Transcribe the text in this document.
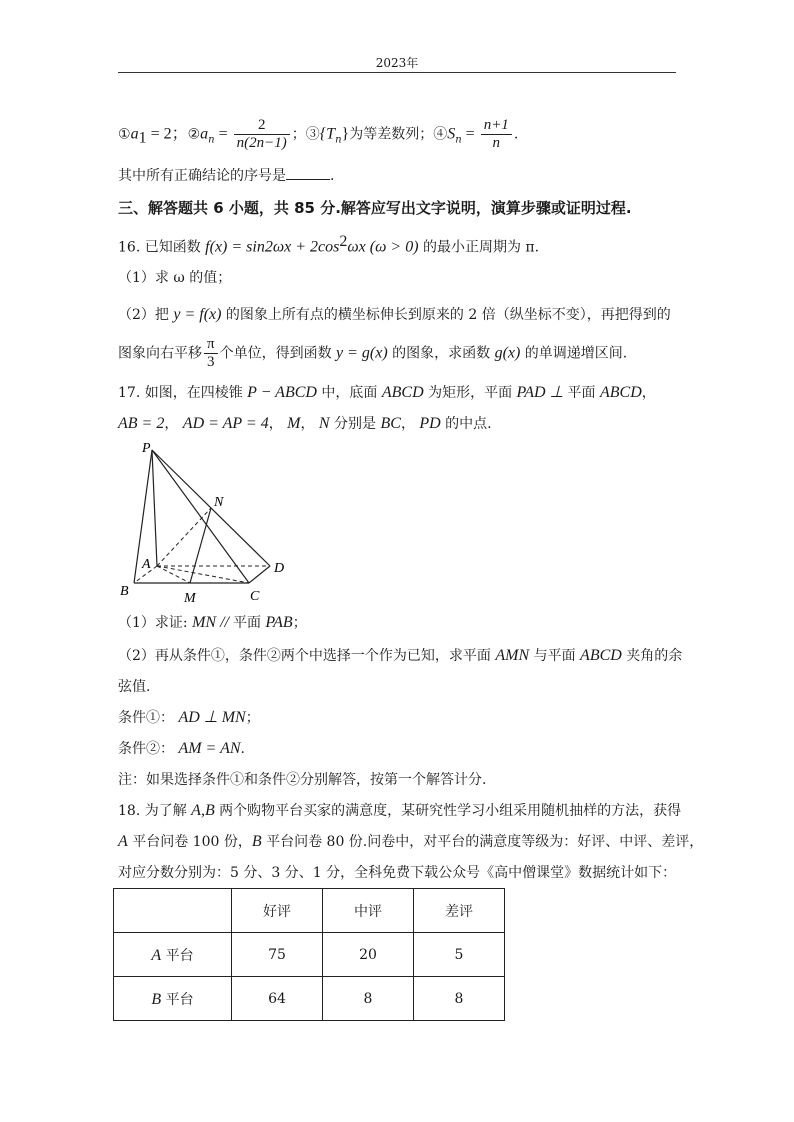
2023年
$①a_1 = 2$；$②a_n = \frac{2}{n(2n-1)}$ ；$③\{T_n\}$为等差数列；$④S_n = \frac{n+1}{n}$ .
其中所有正确结论的序号是	.
三、解答题共 6 小题，共 85 分.解答应写出文字说明，演算步骤或证明过程.
16. 已知函数 $f(x) = \sin 2\omega x + 2\cos^2\omega x$ (ω > 0) 的最小正周期为 π.
（1）求 ω 的值；
（2）把 y = f(x) 的图象上所有点的横坐标伸长到原来的 2 倍（纵坐标不变），再把得到的
图象向右平移 $\frac{\pi}{3}$ 个单位，得到函数 y = g(x) 的图象，求函数 g(x) 的单调递增区间.
17. 如图，在四棱锥 P − ABCD 中，底面 ABCD 为矩形，平面 PAD ⊥ 平面 ABCD，
AB = 2， AD = AP = 4， M， N 分别是 BC， PD 的中点.
P
N
A	D
B	M	C
（1）求证: MN // 平面 PAB；
（2）再从条件①，条件②两个中选择一个作为已知，求平面 AMN 与平面 ABCD 夹角的余
弦值.
条件①： AD ⊥ MN；
条件②： AM = AN.
注：如果选择条件①和条件②分别解答，按第一个解答计分.
18. 为了解 A,B 两个购物平台买家的满意度，某研究性学习小组采用随机抽样的方法，获得
A 平台问卷 100 份，B 平台问卷 80 份.问卷中，对平台的满意度等级为：好评、中评、差评，
对应分数分别为：5 分、3 分、1 分，全科免费下载公众号《高中僧课堂》数据统计如下：
	好评	中评	差评
A 平台	75	20	5
B 平台	64	8	8
